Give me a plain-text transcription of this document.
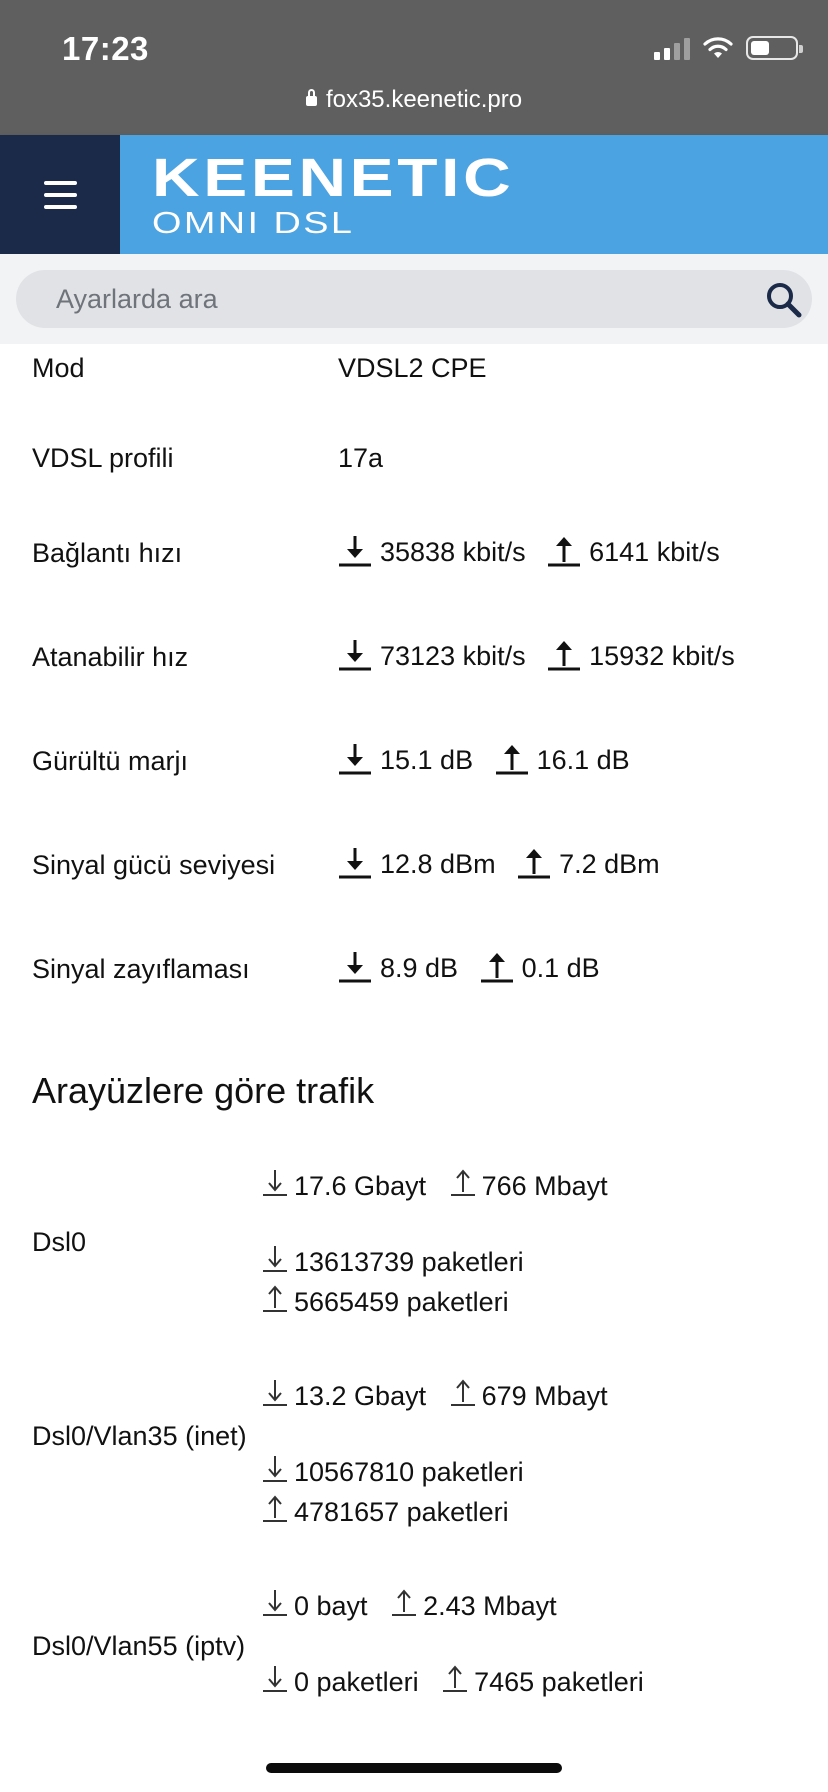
17:23
fox35.keenetic.pro
KEENETIC
OMNI DSL
Ayarlarda ara
Mod	VDSL2 CPE
VDSL profili	17a
Bağlantı hızı	35838 kbit/s
6141 kbit/s
Atanabilir hız	73123 kbit/s
15932 kbit/s
Gürültü marjı	15.1 dB
16.1 dB
Sinyal gücü seviyesi	12.8 dBm
7.2 dBm
Sinyal zayıflaması	8.9 dB
0.1 dB
Arayüzlere göre trafik
Dsl0
17.6 Gbayt 766 Mbayt
13613739 paketleri
5665459 paketleri
Dsl0/Vlan35 (inet)
13.2 Gbayt 679 Mbayt
10567810 paketleri
4781657 paketleri
Dsl0/Vlan55 (iptv)
0 bayt 2.43 Mbayt
0 paketleri 7465 paketleri
